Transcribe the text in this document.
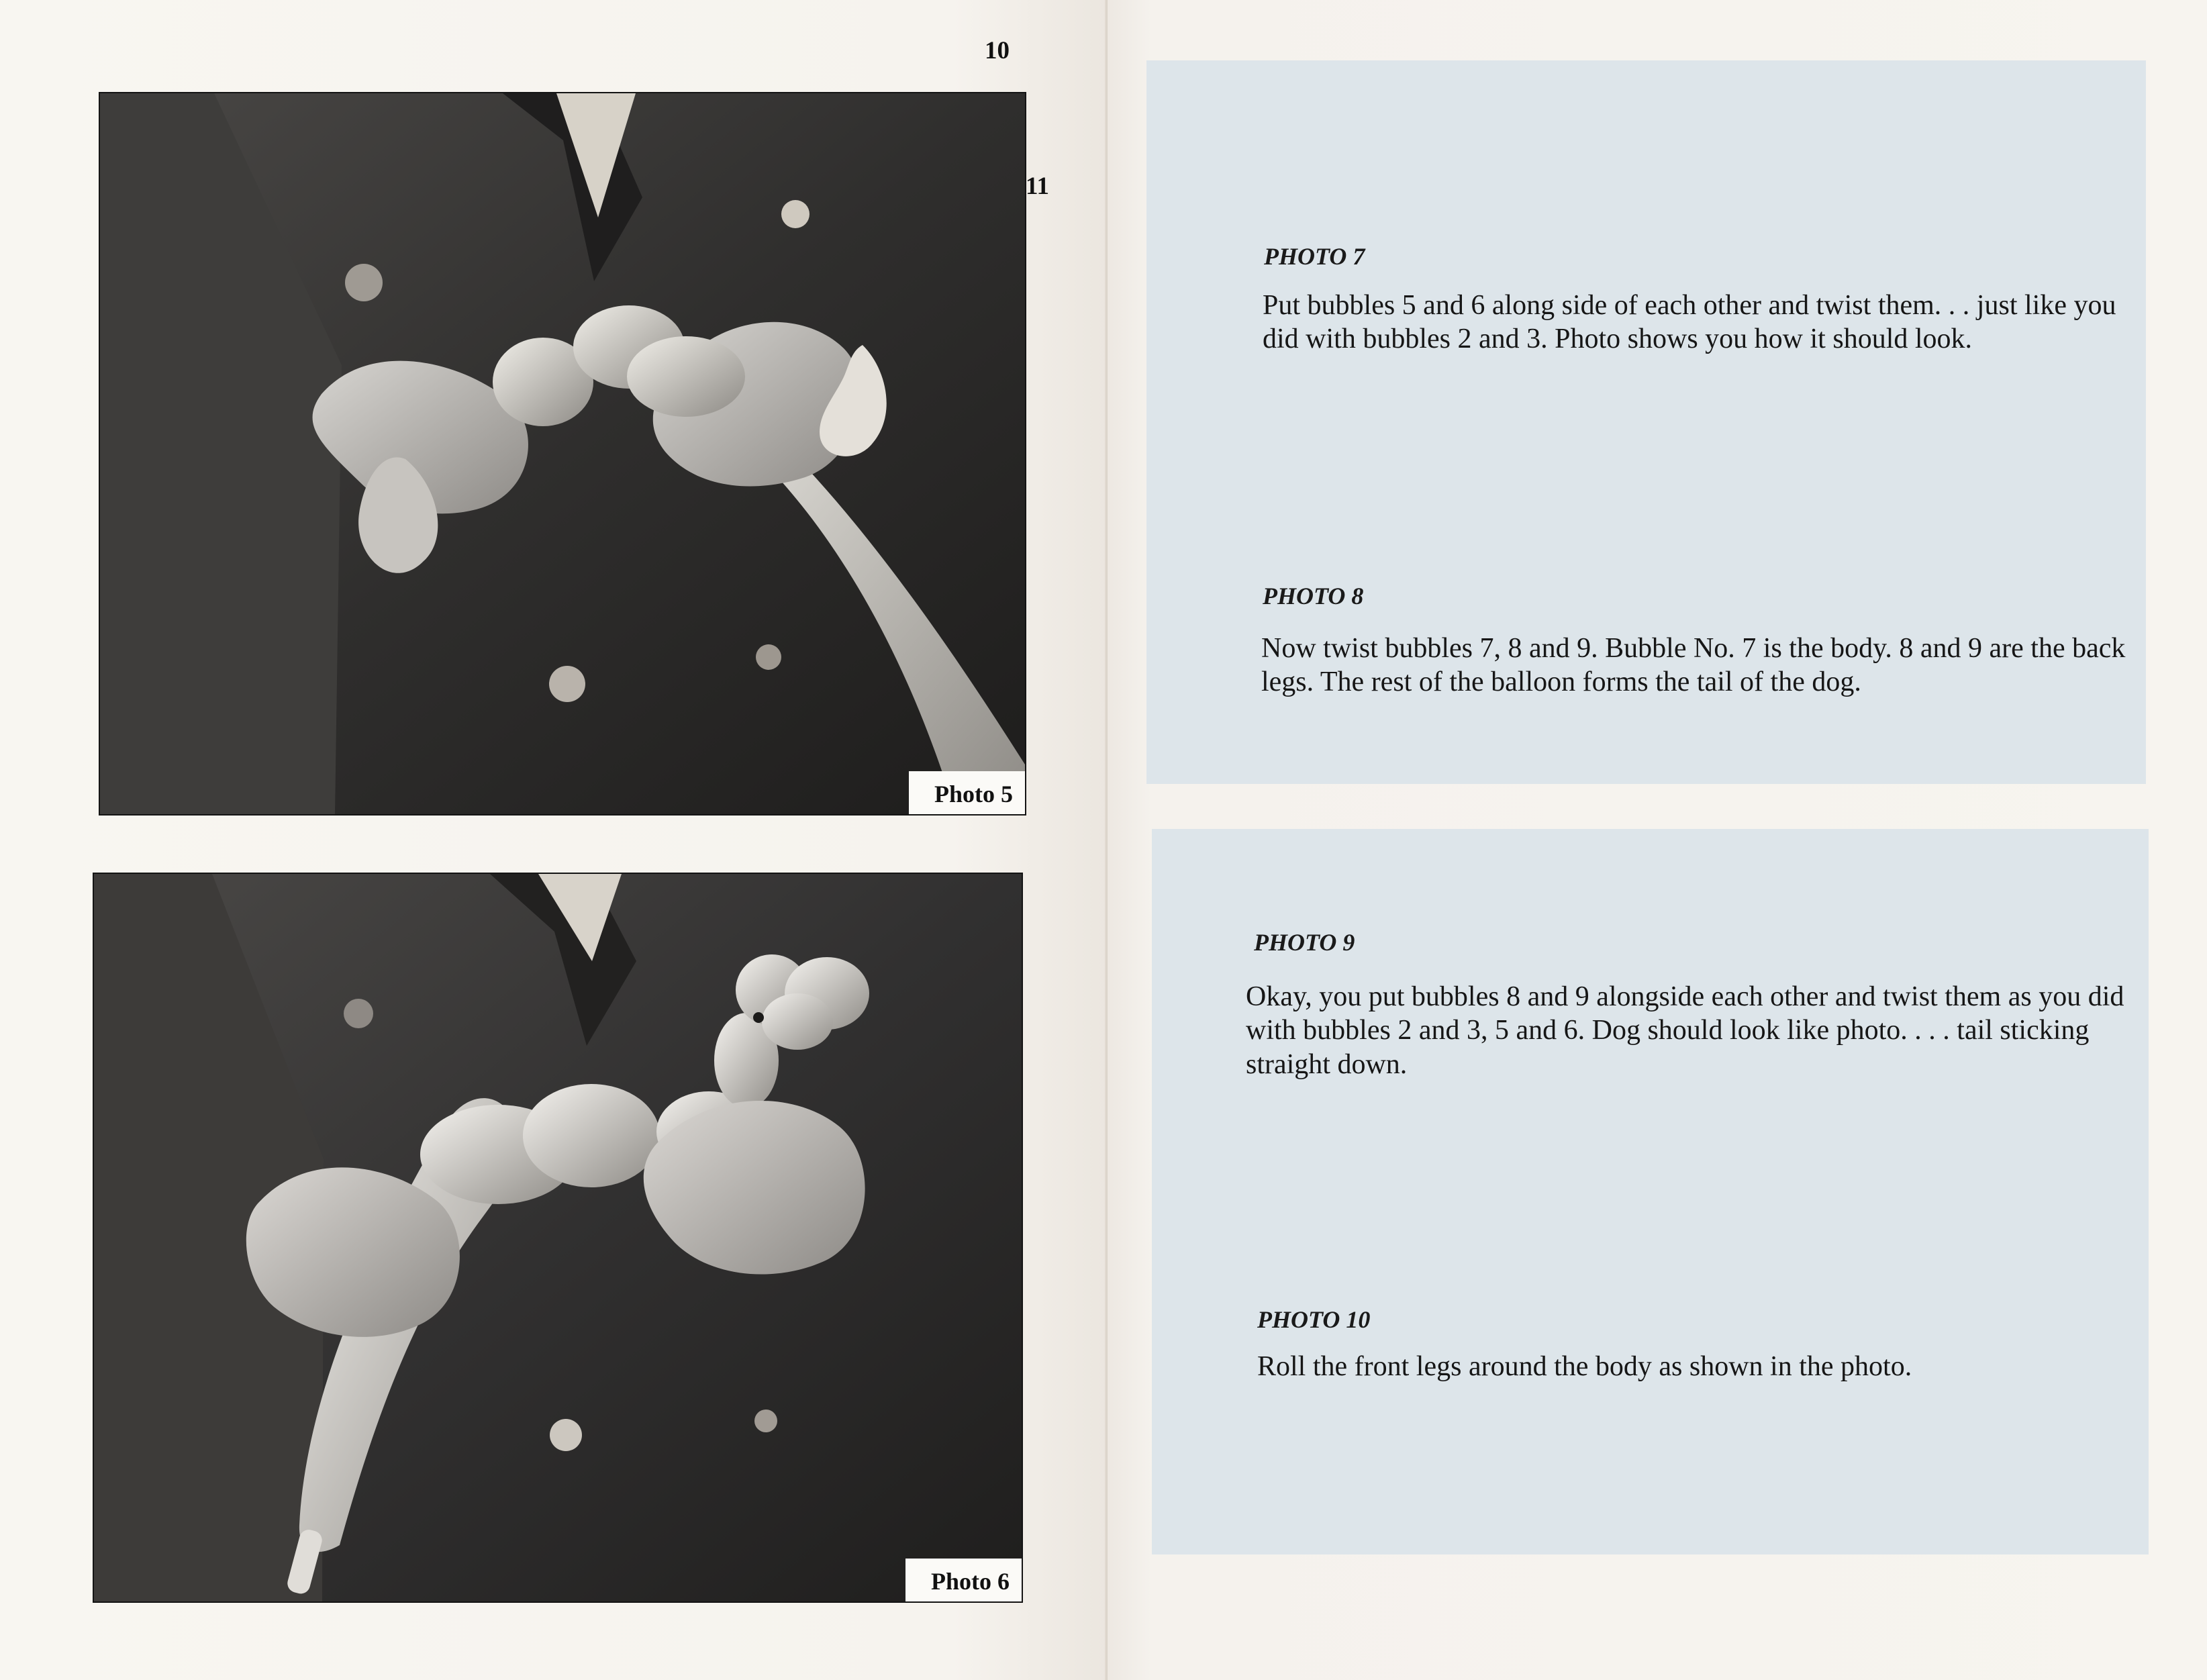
10
Photo 5
Photo 6
11
PHOTO 7

Put bubbles 5 and 6 along side of each other and twist them. . . just like you did with bubbles 2 and 3. Photo shows you how it should look.

PHOTO 8

Now twist bubbles 7, 8 and 9. Bubble No. 7 is the body. 8 and 9 are the back legs. The rest of the balloon forms the tail of the dog.

PHOTO 9

Okay, you put bubbles 8 and 9 alongside each other and twist them as you did with bubbles 2 and 3, 5 and 6. Dog should look like photo. . . . tail sticking straight down.

PHOTO 10

Roll the front legs around the body as shown in the photo.
